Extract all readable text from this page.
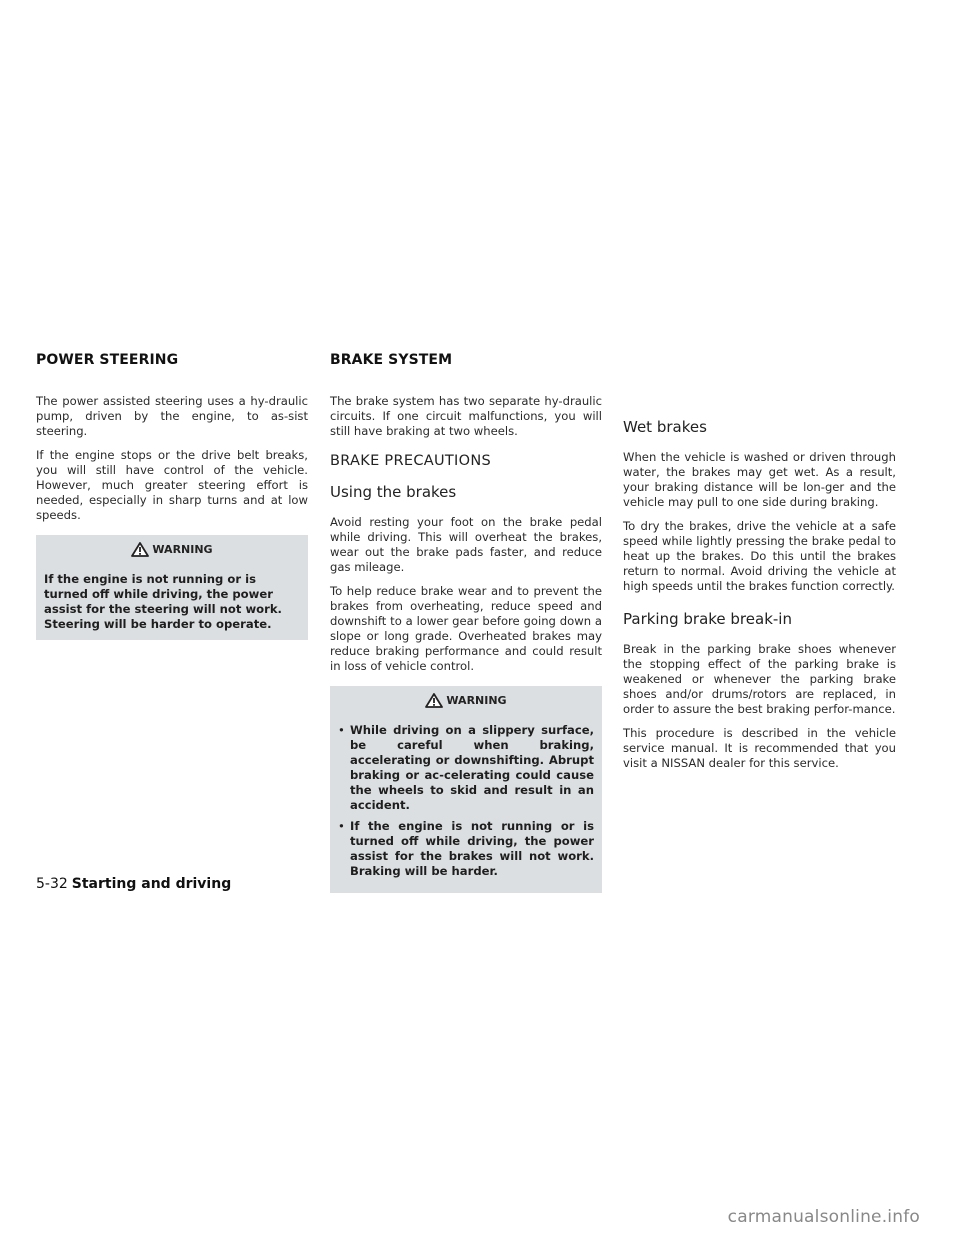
POWER STEERING

The power assisted steering uses a hy-draulic pump, driven by the engine, to as-sist steering.

If the engine stops or the drive belt breaks, you will still have control of the vehicle. However, much greater steering effort is needed, especially in sharp turns and at low speeds.

WARNING

If the engine is not running or is turned off while driving, the power assist for the steering will not work. Steering will be harder to operate.

BRAKE SYSTEM

The brake system has two separate hy-draulic circuits. If one circuit malfunctions, you will still have braking at two wheels.

BRAKE PRECAUTIONS
Using the brakes

Avoid resting your foot on the brake pedal while driving. This will overheat the brakes, wear out the brake pads faster, and reduce gas mileage.

To help reduce brake wear and to prevent the brakes from overheating, reduce speed and downshift to a lower gear before going down a slope or long grade. Overheated brakes may reduce braking performance and could result in loss of vehicle control.

WARNING
• While driving on a slippery surface, be careful when braking, accelerating or downshifting. Abrupt braking or ac-celerating could cause the wheels to skid and result in an accident.
• If the engine is not running or is turned off while driving, the power assist for the brakes will not work. Braking will be harder.
Wet brakes

When the vehicle is washed or driven through water, the brakes may get wet. As a result, your braking distance will be lon-ger and the vehicle may pull to one side during braking.

To dry the brakes, drive the vehicle at a safe speed while lightly pressing the brake pedal to heat up the brakes. Do this until the brakes return to normal. Avoid driving the vehicle at high speeds until the brakes function correctly.

Parking brake break-in

Break in the parking brake shoes whenever the stopping effect of the parking brake is weakened or whenever the parking brake shoes and/or drums/rotors are replaced, in order to assure the best braking perfor-mance.

This procedure is described in the vehicle service manual. It is recommended that you visit a NISSAN dealer for this service.

5-32 Starting and driving
carmanualsonline.info
